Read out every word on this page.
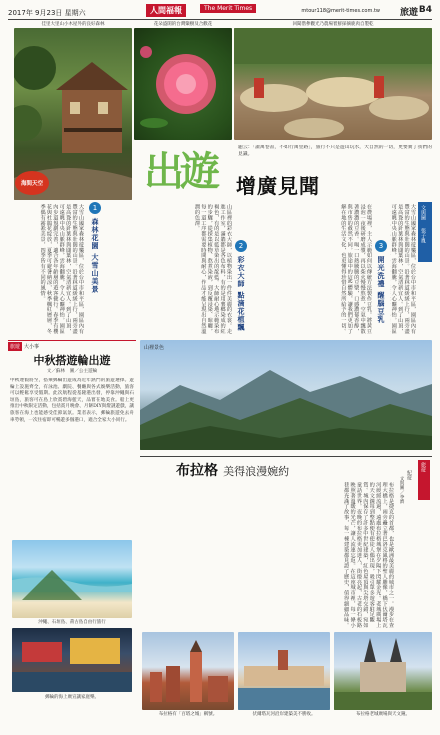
2017年 9月23日 星期六	人間福報	The Merit Times	mtour118@merit-times.com.tw 旅遊 B4
佳里大里山小木屋外的良好森林
海間天空
花朵盛開的台灣欒樹及合歡花	回聞偕參觀光乃農場嘗鮮採摘鹿肉自製乾
題云：「讀萬卷書，不如行萬里路」，旅行不只是遊山玩水，大自然的一切，更要實了我們的見識。
出遊 增廣見聞
大雪山國家森林遊樂區，位於台中市和平區，園區內有豐富的生態與壯闊的山景。沿著林道緩緩上行，兩旁盡是高聳的針葉林與闊葉林，空氣清新宜人。到了山頂，可遠眺中央山脈群峰，雲海翻騰，令人心曠神怡。園區內步道規劃完善，適合各年齡層的遊客健行。春季有櫻花與杜鵑花綻放，夏季可避暑納涼，秋季楓紅層層，冬季偶有霧凇美景，四季皆有不同的風情。	1
森林花園 大雪山美景	山區裡的彩衣大師，以植物染出一件件美麗的衣裳。走進工作室，滿牆都是各色布料，有的是用薯榔染成的紅褐色，有的是以藍草染出的靛藍。大師耐心地示範染布的步驟，從採集植物、熬煮染液，到反覆浸染、晾曬，每一道工序都需要時間與耐心，作品才能呈現出自然溫潤的色澤。
2
彩衣大師 點滴花植飄	在農場裡，主人示範如何以傳統方法製作豆乳。將黃豆浸泡一夜後研磨成漿，再以柴火慢慢熬煮，空氣中飄散著濃濃的豆香。喝一口熱騰騰的豆漿，口感濃郁香醇，與市售的截然不同。旅途中的這些體驗，讓我們更加了解在地的生活文化，也更懂得珍惜自然所給予的一切。	3
開光洗禮 醒腦豆乳
大雪山國家森林遊樂區，位於台中市和平區，園區內有豐富的生態與壯闊的山景。沿著林道緩緩上行，兩旁盡是高聳的針葉林與闊葉林，空氣清新宜人。到了山頂，可遠眺中央山脈群峰，雲海翻騰，令人心曠神怡。園區
文與圖
張子胤
山裡景色
旅遊 大小事
中秋搭遊輪出遊
文／蘇林　圖／公主遊輪
中秋連假將至，搭乘郵輪出遊成為近年熱門的旅遊選擇。遊輪上設施齊全，有泳池、劇院、餐廳與各式娛樂活動，旅客可以輕鬆享受假期。此次航程從基隆港出發，停靠沖繩與石垣島，旅客可在島上欣賞碧海藍天，品嘗在地美食。船上更推出中秋限定活動，包括賞月晚會、月餅DIY與燈謎遊戲，讓旅客在海上也能感受佳節氣氛。業者表示，郵輪旅遊免去舟車勞頓，一次住宿即可暢遊多個港口，適合全家大小同行。
沖繩、石垣島、莆古島自由行旅行
郵輪的海上廣宣讓家庭樂。
布拉格 美得浪漫婉約	旅遊
紀遊
文與圖／李濟
布拉格是捷克的首都，也是歐洲最美麗的城市之一。漫步在查理大橋上，兩旁矗立著巴洛克風格的聖人雕像，橋下伏爾塔瓦河緩緩流過，遠處布拉格城堡在夕陽下閃耀金光。老城廣場上的天文鐘每到整點便有使徒人偶出現，吸引眾多遊客駐足觀賞。城內保存了許多中世紀建築，紅色屋頂與尖塔交錯，宛如童話世界。夜晚的布拉格更加迷人，街燈亮起，古老的石板路映照著溫暖的光芒，讓人流連忘返。在這座城市裡，每一條小巷都充滿了故事，每一棟建築都見證了歷史，值得細細品味。
布拉格有「百塔之城」稱號。	伏爾塔瓦河沿岸建築美不勝收。	布拉格老城廣場與天文鐘。
